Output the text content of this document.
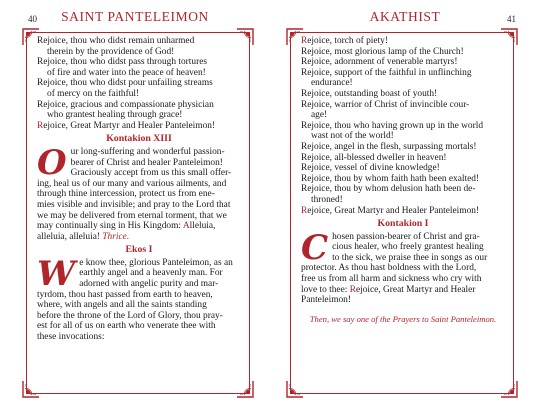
40	SAINT PANTELEIMON
Rejoice, thou who didst remain unharmed
therein by the providence of God!
Rejoice, thou who didst pass through tortures
of fire and water into the peace of heaven!
Rejoice, thou who didst pour unfailing streams
of mercy on the faithful!
Rejoice, gracious and compassionate physician
who grantest healing through grace!
Rejoice, Great Martyr and Healer Panteleimon!
Kontakion XIII
O ur long-suffering and wonderful passion-
bearer of Christ and healer Panteleimon!
Graciously accept from us this small offer-
ing, heal us of our many and various ailments, and
through thine intercession, protect us from ene-
mies visible and invisible; and pray to the Lord that
we may be delivered from eternal torment, that we
may continually sing in His Kingdom: Alleluia,
alleluia, alleluia! Thrice.
Ekos I
W e know thee, glorious Panteleimon, as an
earthly angel and a heavenly man. For
adorned with angelic purity and mar-
tyrdom, thou hast passed from earth to heaven,
where, with angels and all the saints standing
before the throne of the Lord of Glory, thou pray-
est for all of us on earth who venerate thee with
these invocations:
41
AKATHIST
Rejoice, torch of piety!
Rejoice, most glorious lamp of the Church!
Rejoice, adornment of venerable martyrs!
Rejoice, support of the faithful in unflinching
endurance!
Rejoice, outstanding boast of youth!
Rejoice, warrior of Christ of invincible cour-
age!
Rejoice, thou who having grown up in the world
wast not of the world!
Rejoice, angel in the flesh, surpassing mortals!
Rejoice, all-blessed dweller in heaven!
Rejoice, vessel of divine knowledge!
Rejoice, thou by whom faith hath been exalted!
Rejoice, thou by whom delusion hath been de-
throned!
Rejoice, Great Martyr and Healer Panteleimon!
Kontakion I
C hosen passion-bearer of Christ and gra-
cious healer, who freely grantest healing
to the sick, we praise thee in songs as our
protector. As thou hast boldness with the Lord,
free us from all harm and sickness who cry with
love to thee: Rejoice, Great Martyr and Healer
Panteleimon!
Then, we say one of the Prayers to Saint Panteleimon.
